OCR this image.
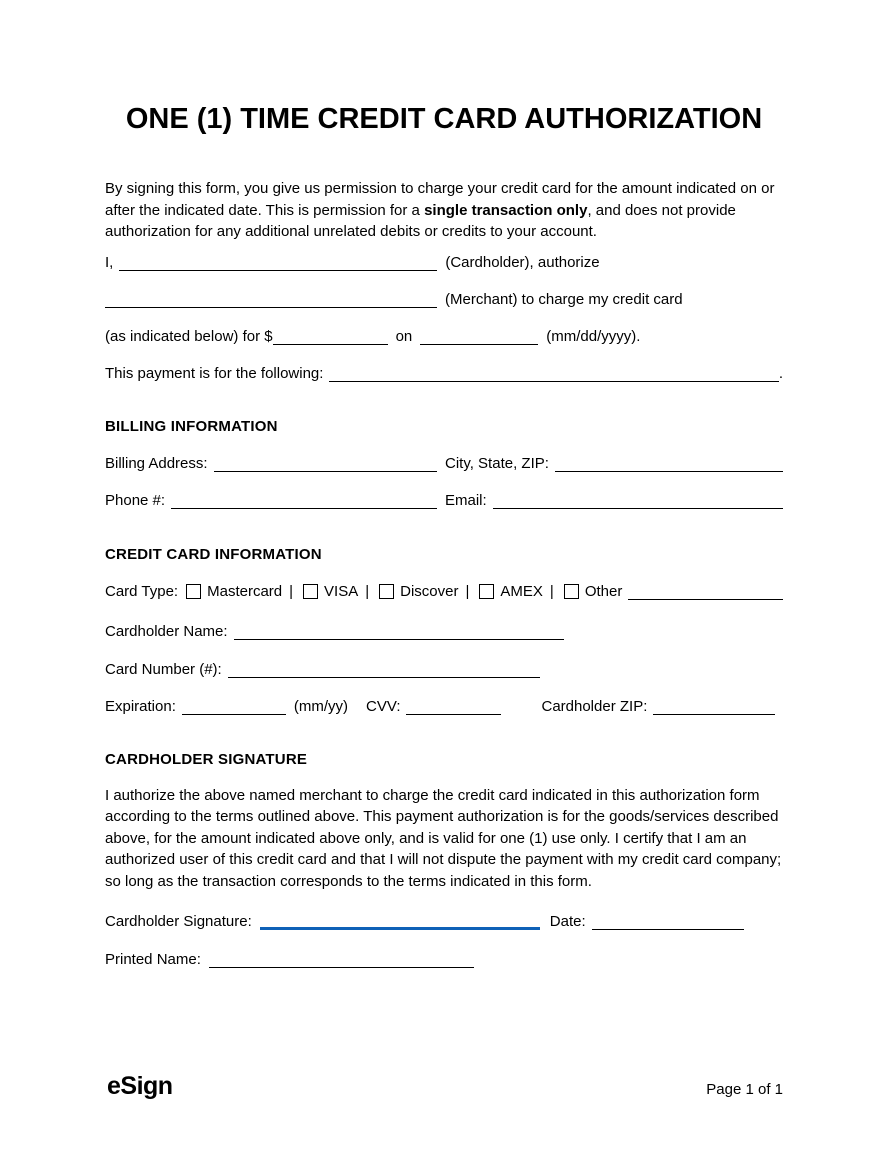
ONE (1) TIME CREDIT CARD AUTHORIZATION

By signing this form, you give us permission to charge your credit card for the amount indicated on or after the indicated date. This is permission for a single transaction only, and does not provide authorization for any additional unrelated debits or credits to your account.

I,	(Cardholder), authorize
(Merchant) to charge my credit card
(as indicated below) for $	on	(mm/dd/yyyy).
This payment is for the following:	.
BILLING INFORMATION
Billing Address:	City, State, ZIP:
Phone #:	Email:
CREDIT CARD INFORMATION
Card Type: Mastercard | VISA | Discover | AMEX | Other
Cardholder Name:
Card Number (#):
Expiration:	(mm/yy) CVV:	Cardholder ZIP:
CARDHOLDER SIGNATURE

I authorize the above named merchant to charge the credit card indicated in this authorization form according to the terms outlined above. This payment authorization is for the goods/services described above, for the amount indicated above only, and is valid for one (1) use only. I certify that I am an authorized user of this credit card and that I will not dispute the payment with my credit card company; so long as the transaction corresponds to the terms indicated in this form.

Cardholder Signature:	Date:
Printed Name:
eSign	Page 1 of 1
